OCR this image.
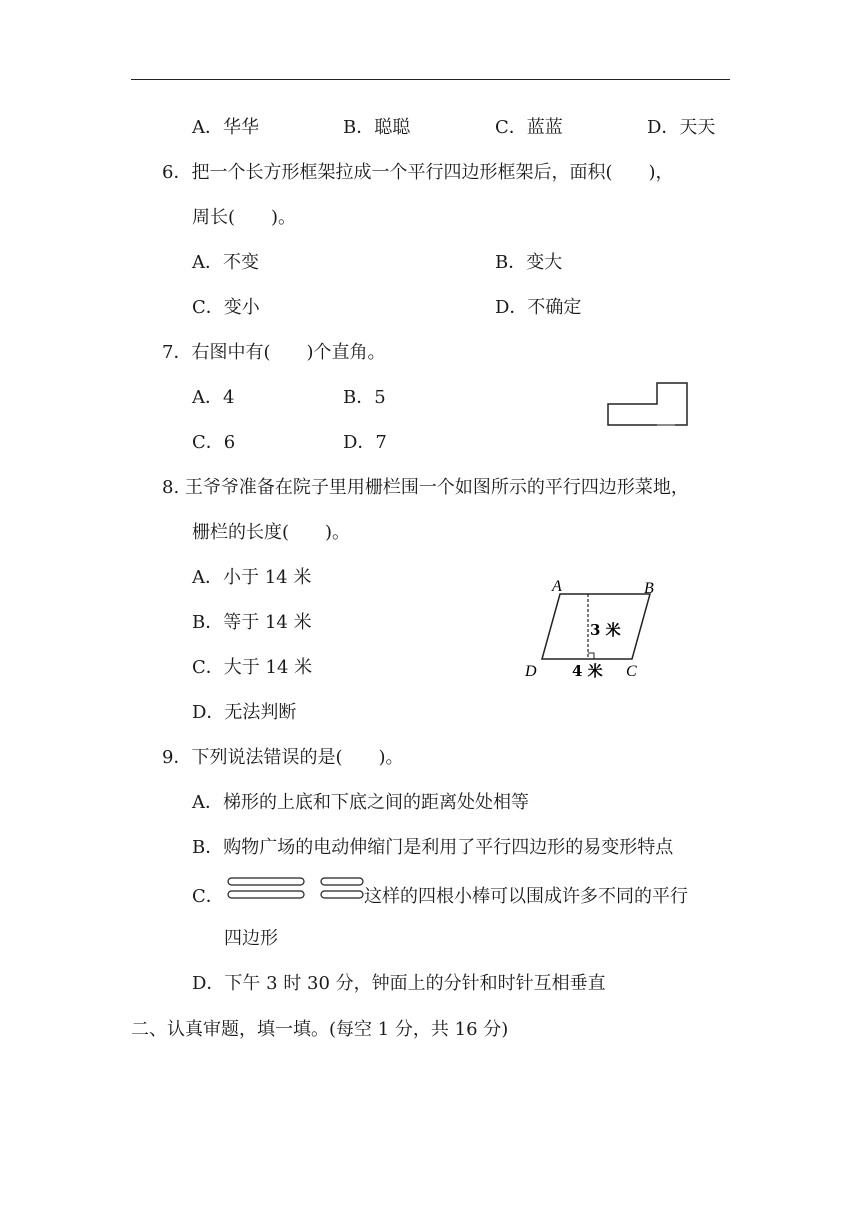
A．华华	B．聪聪	C．蓝蓝	D．天天
6．把一个长方形框架拉成一个平行四边形框架后，面积(　　)，
周长(　　)。
A．不变	B．变大
C．变小	D．不确定
7．右图中有(　　)个直角。
A．4	B．5
C．6	D．7
8. 王爷爷准备在院子里用栅栏围一个如图所示的平行四边形菜地，
栅栏的长度(　　)。
A．小于 14 米
B．等于 14 米
C．大于 14 米
D．无法判断
A	B
C
D
3 米
4 米
9．下列说法错误的是(　　)。
A．梯形的上底和下底之间的距离处处相等
B．购物广场的电动伸缩门是利用了平行四边形的易变形特点
C．	这样的四根小棒可以围成许多不同的平行
四边形
D．下午 3 时 30 分，钟面上的分针和时针互相垂直
二、认真审题，填一填。(每空 1 分，共 16 分)
